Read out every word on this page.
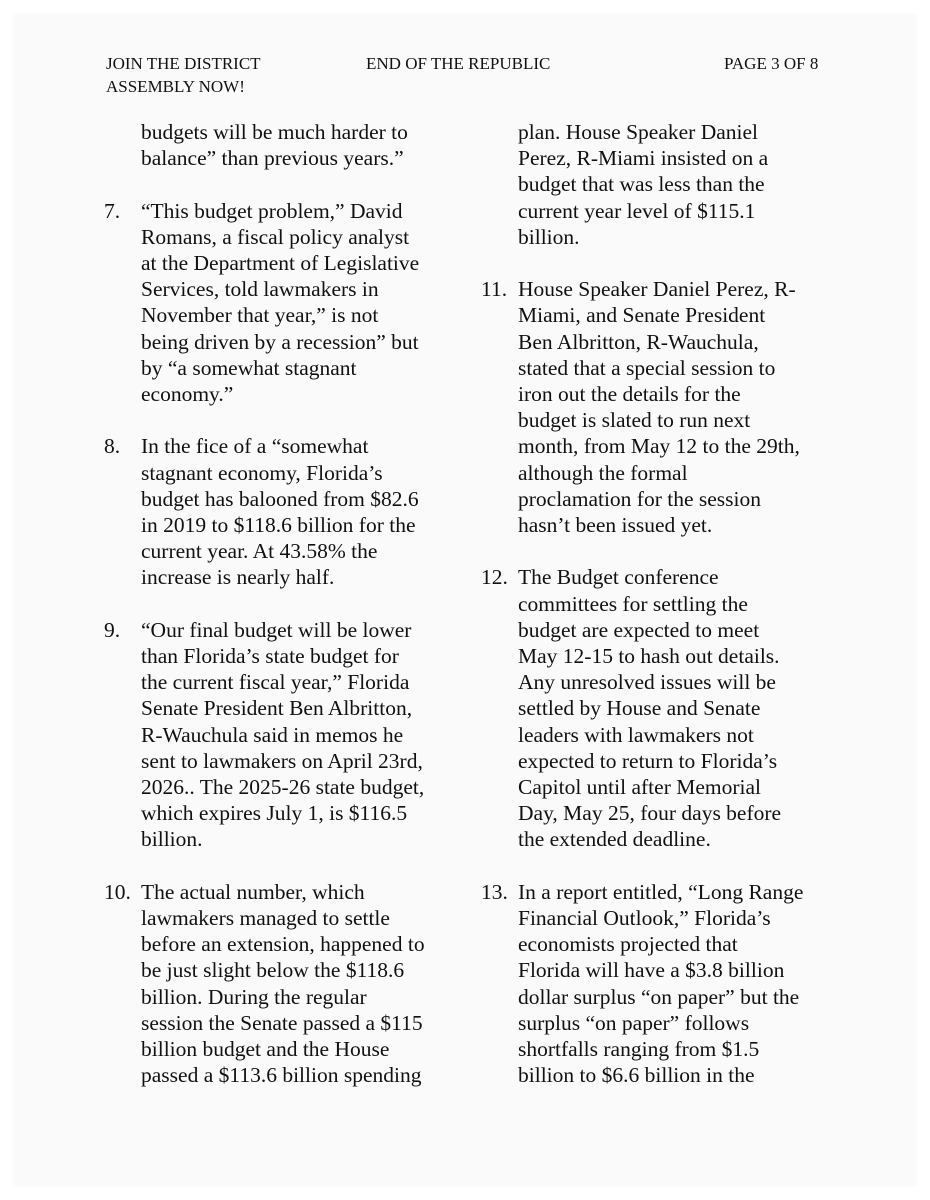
JOIN THE DISTRICT
ASSEMBLY NOW!
END OF THE REPUBLIC	PAGE 3 OF 8
budgets will be much harder to
balance” than previous years.”
7. “This budget problem,” David
Romans, a fiscal policy analyst
at the Department of Legislative
Services, told lawmakers in
November that year,” is not
being driven by a recession” but
by “a somewhat stagnant
economy.”
8. In the fice of a “somewhat
stagnant economy, Florida’s
budget has balooned from $82.6
in 2019 to $118.6 billion for the
current year. At 43.58% the
increase is nearly half.
9. “Our final budget will be lower
than Florida’s state budget for
the current fiscal year,” Florida
Senate President Ben Albritton,
R-Wauchula said in memos he
sent to lawmakers on April 23rd,
2026.. The 2025-26 state budget,
which expires July 1, is $116.5
billion.
10. The actual number, which
lawmakers managed to settle
before an extension, happened to
be just slight below the $118.6
billion. During the regular
session the Senate passed a $115
billion budget and the House
passed a $113.6 billion spending
plan. House Speaker Daniel
Perez, R-Miami insisted on a
budget that was less than the
current year level of $115.1
billion.
11. House Speaker Daniel Perez, R-
Miami, and Senate President
Ben Albritton, R-Wauchula,
stated that a special session to
iron out the details for the
budget is slated to run next
month, from May 12 to the 29th,
although the formal
proclamation for the session
hasn’t been issued yet.
12. The Budget conference
committees for settling the
budget are expected to meet
May 12-15 to hash out details.
Any unresolved issues will be
settled by House and Senate
leaders with lawmakers not
expected to return to Florida’s
Capitol until after Memorial
Day, May 25, four days before
the extended deadline.
13. In a report entitled, “Long Range
Financial Outlook,” Florida’s
economists projected that
Florida will have a $3.8 billion
dollar surplus “on paper” but the
surplus “on paper” follows
shortfalls ranging from $1.5
billion to $6.6 billion in the
